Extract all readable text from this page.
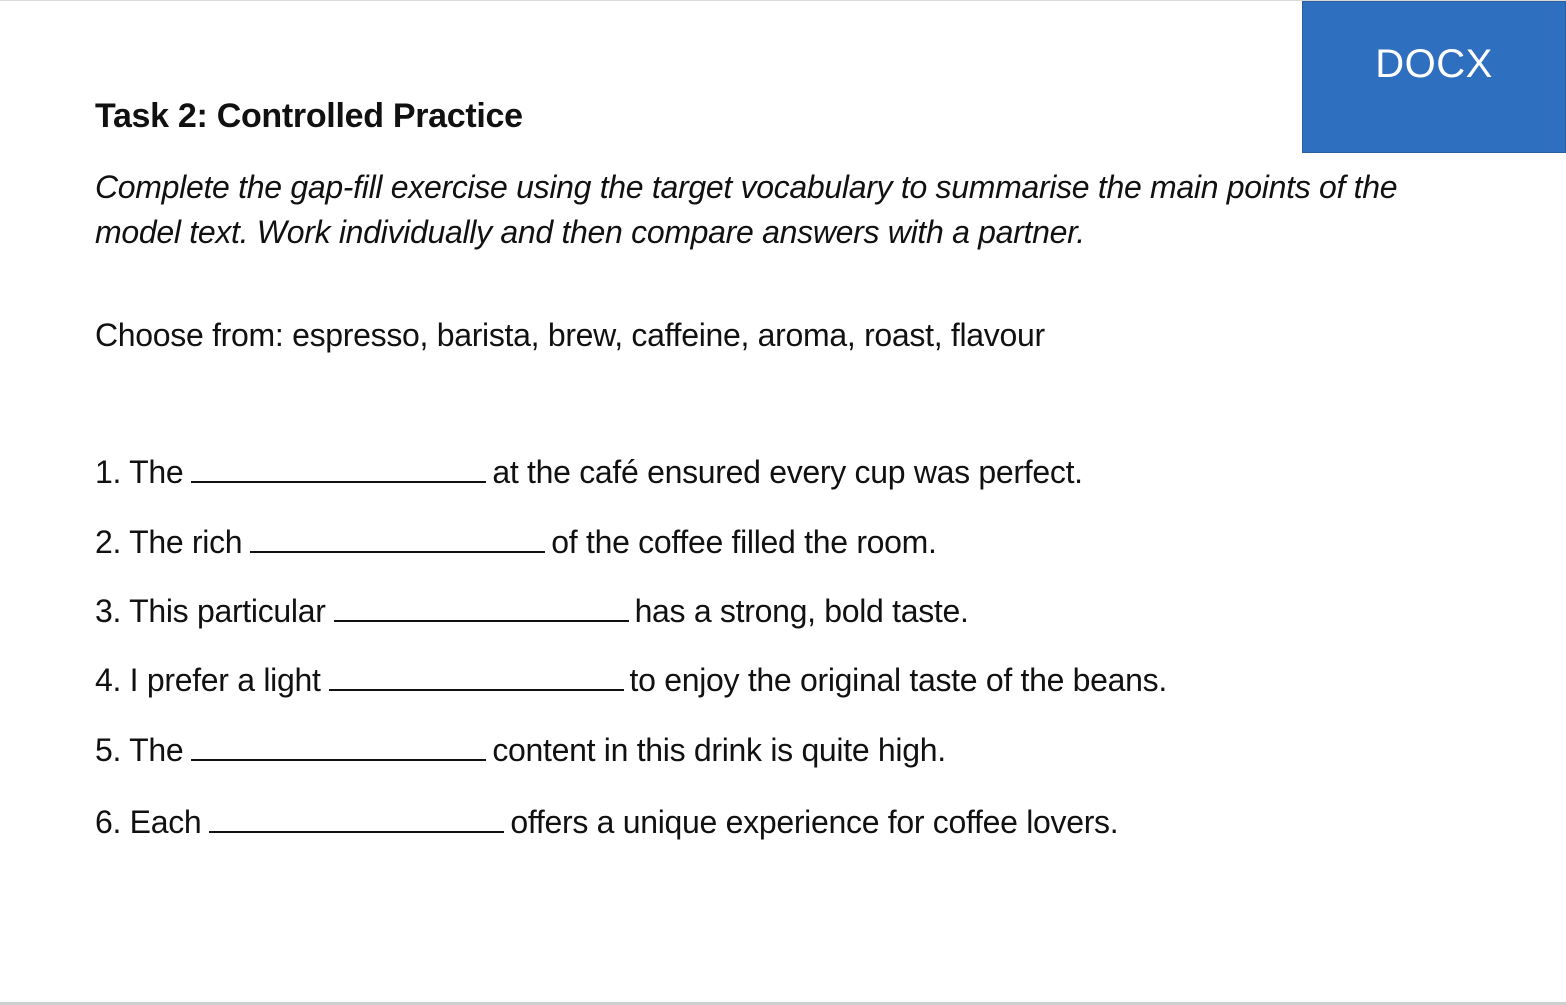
DOCX
Task 2: Controlled Practice
Complete the gap-fill exercise using the target vocabulary to summarise the main points of the model text. Work individually and then compare answers with a partner.
Choose from: espresso, barista, brew, caffeine, aroma, roast, flavour
1. The	at the café ensured every cup was perfect.
2. The rich	of the coffee filled the room.
3. This particular	has a strong, bold taste.
4. I prefer a light	to enjoy the original taste of the beans.
5. The	content in this drink is quite high.
6. Each	offers a unique experience for coffee lovers.
